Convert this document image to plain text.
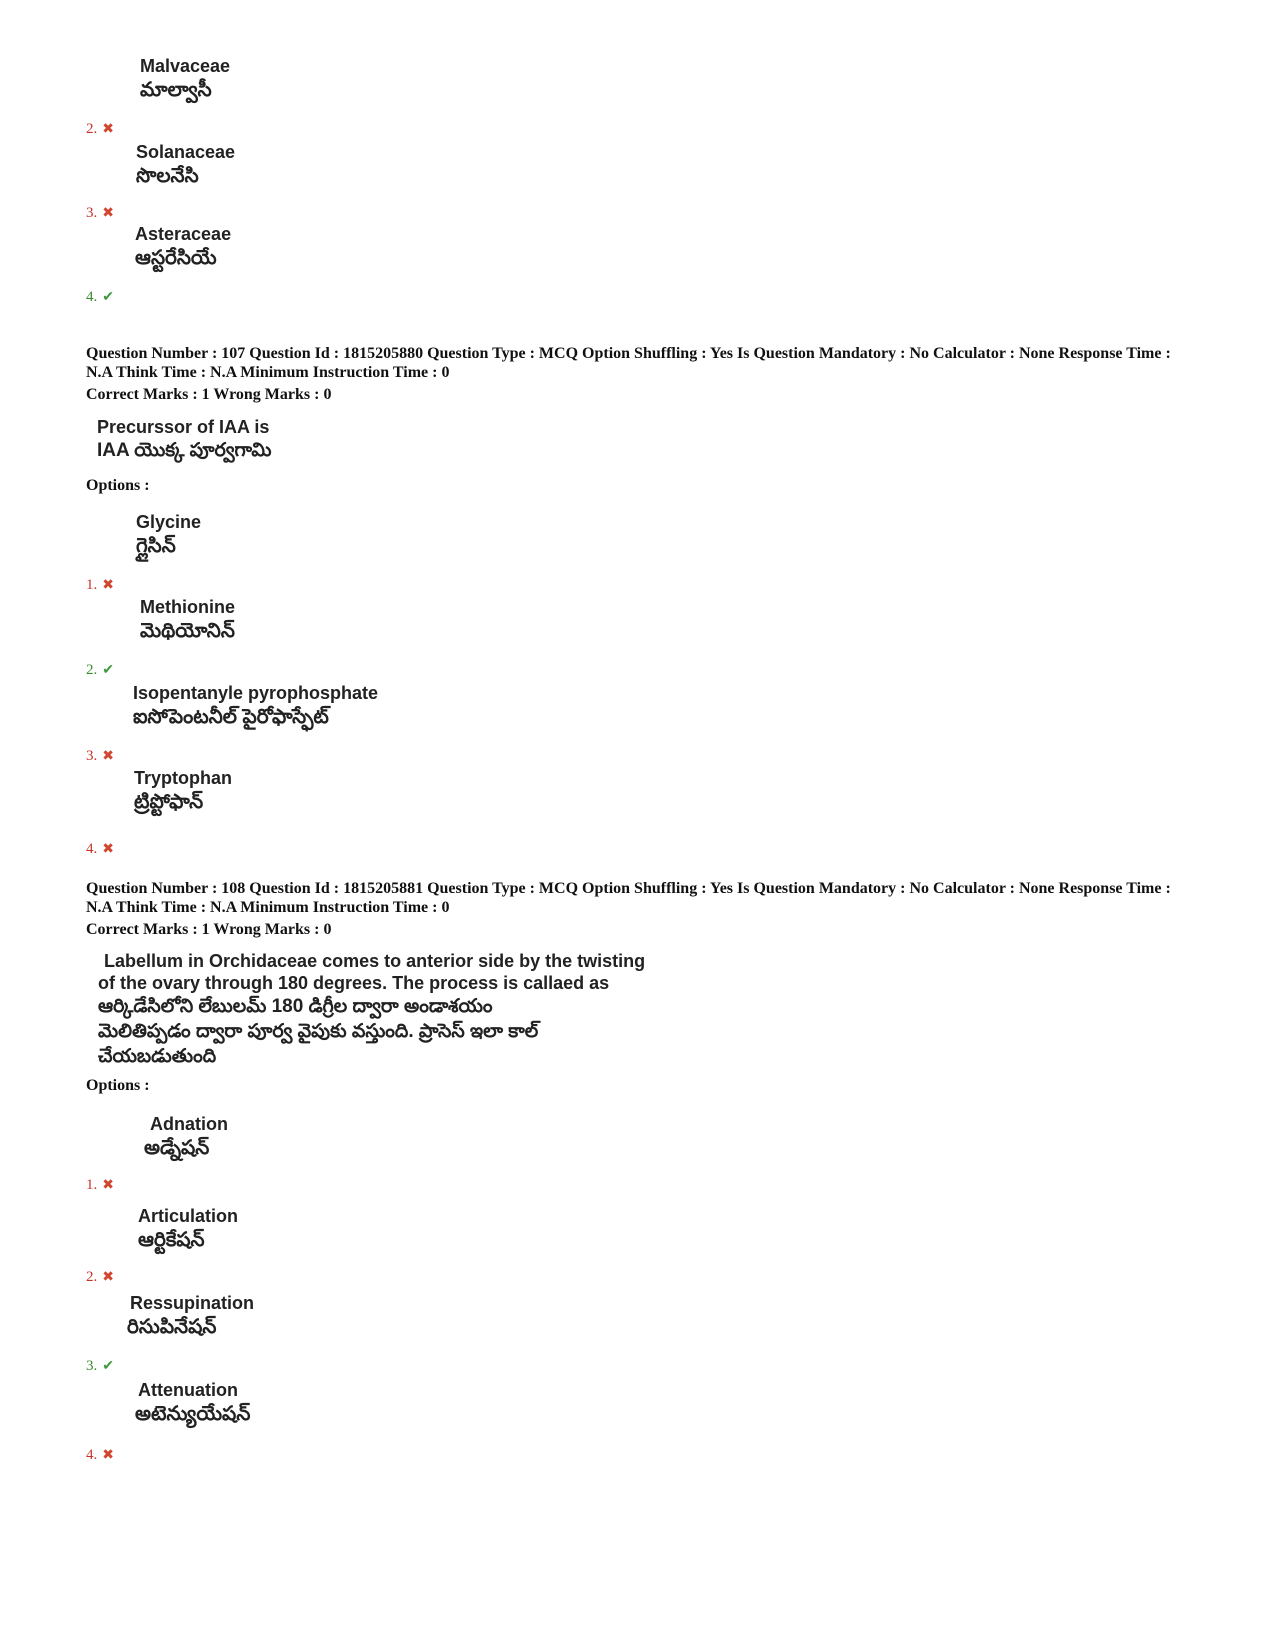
Malvaceae
మాల్వాసీ
2. ✖
Solanaceae
సొలనేసి
3. ✖
Asteraceae
ఆస్టరేసియే
4. ✔
Question Number : 107 Question Id : 1815205880 Question Type : MCQ Option Shuffling : Yes Is Question Mandatory : No Calculator : None Response Time : N.A Think Time : N.A Minimum Instruction Time : 0
Correct Marks : 1 Wrong Marks : 0
Precurssor of IAA is
IAA యొక్క పూర్వగామి
Options :
Glycine
గ్లైసిన్
1. ✖
Methionine
మెథియోనిన్
2. ✔
Isopentanyle pyrophosphate
ఐసోపెంటనీల్ పైరోఫాస్ఫేట్
3. ✖
Tryptophan
ట్రిప్టోఫాన్
4. ✖
Question Number : 108 Question Id : 1815205881 Question Type : MCQ Option Shuffling : Yes Is Question Mandatory : No Calculator : None Response Time : N.A Think Time : N.A Minimum Instruction Time : 0
Correct Marks : 1 Wrong Marks : 0
Labellum in Orchidaceae comes to anterior side by the twisting
of the ovary through 180 degrees. The process is callaed as
ఆర్కిడేసిలోని లేబులమ్ 180 డిగ్రీల ద్వారా అండాశయం
మెలితిప్పడం ద్వారా పూర్వ వైపుకు వస్తుంది. ప్రాసెస్ ఇలా కాల్
చేయబడుతుంది
Options :
Adnation
అడ్నేషన్
1. ✖
Articulation
ఆర్టికేషన్
2. ✖
Ressupination
రిసుపినేషన్
3. ✔
Attenuation
అటెన్యుయేషన్
4. ✖
